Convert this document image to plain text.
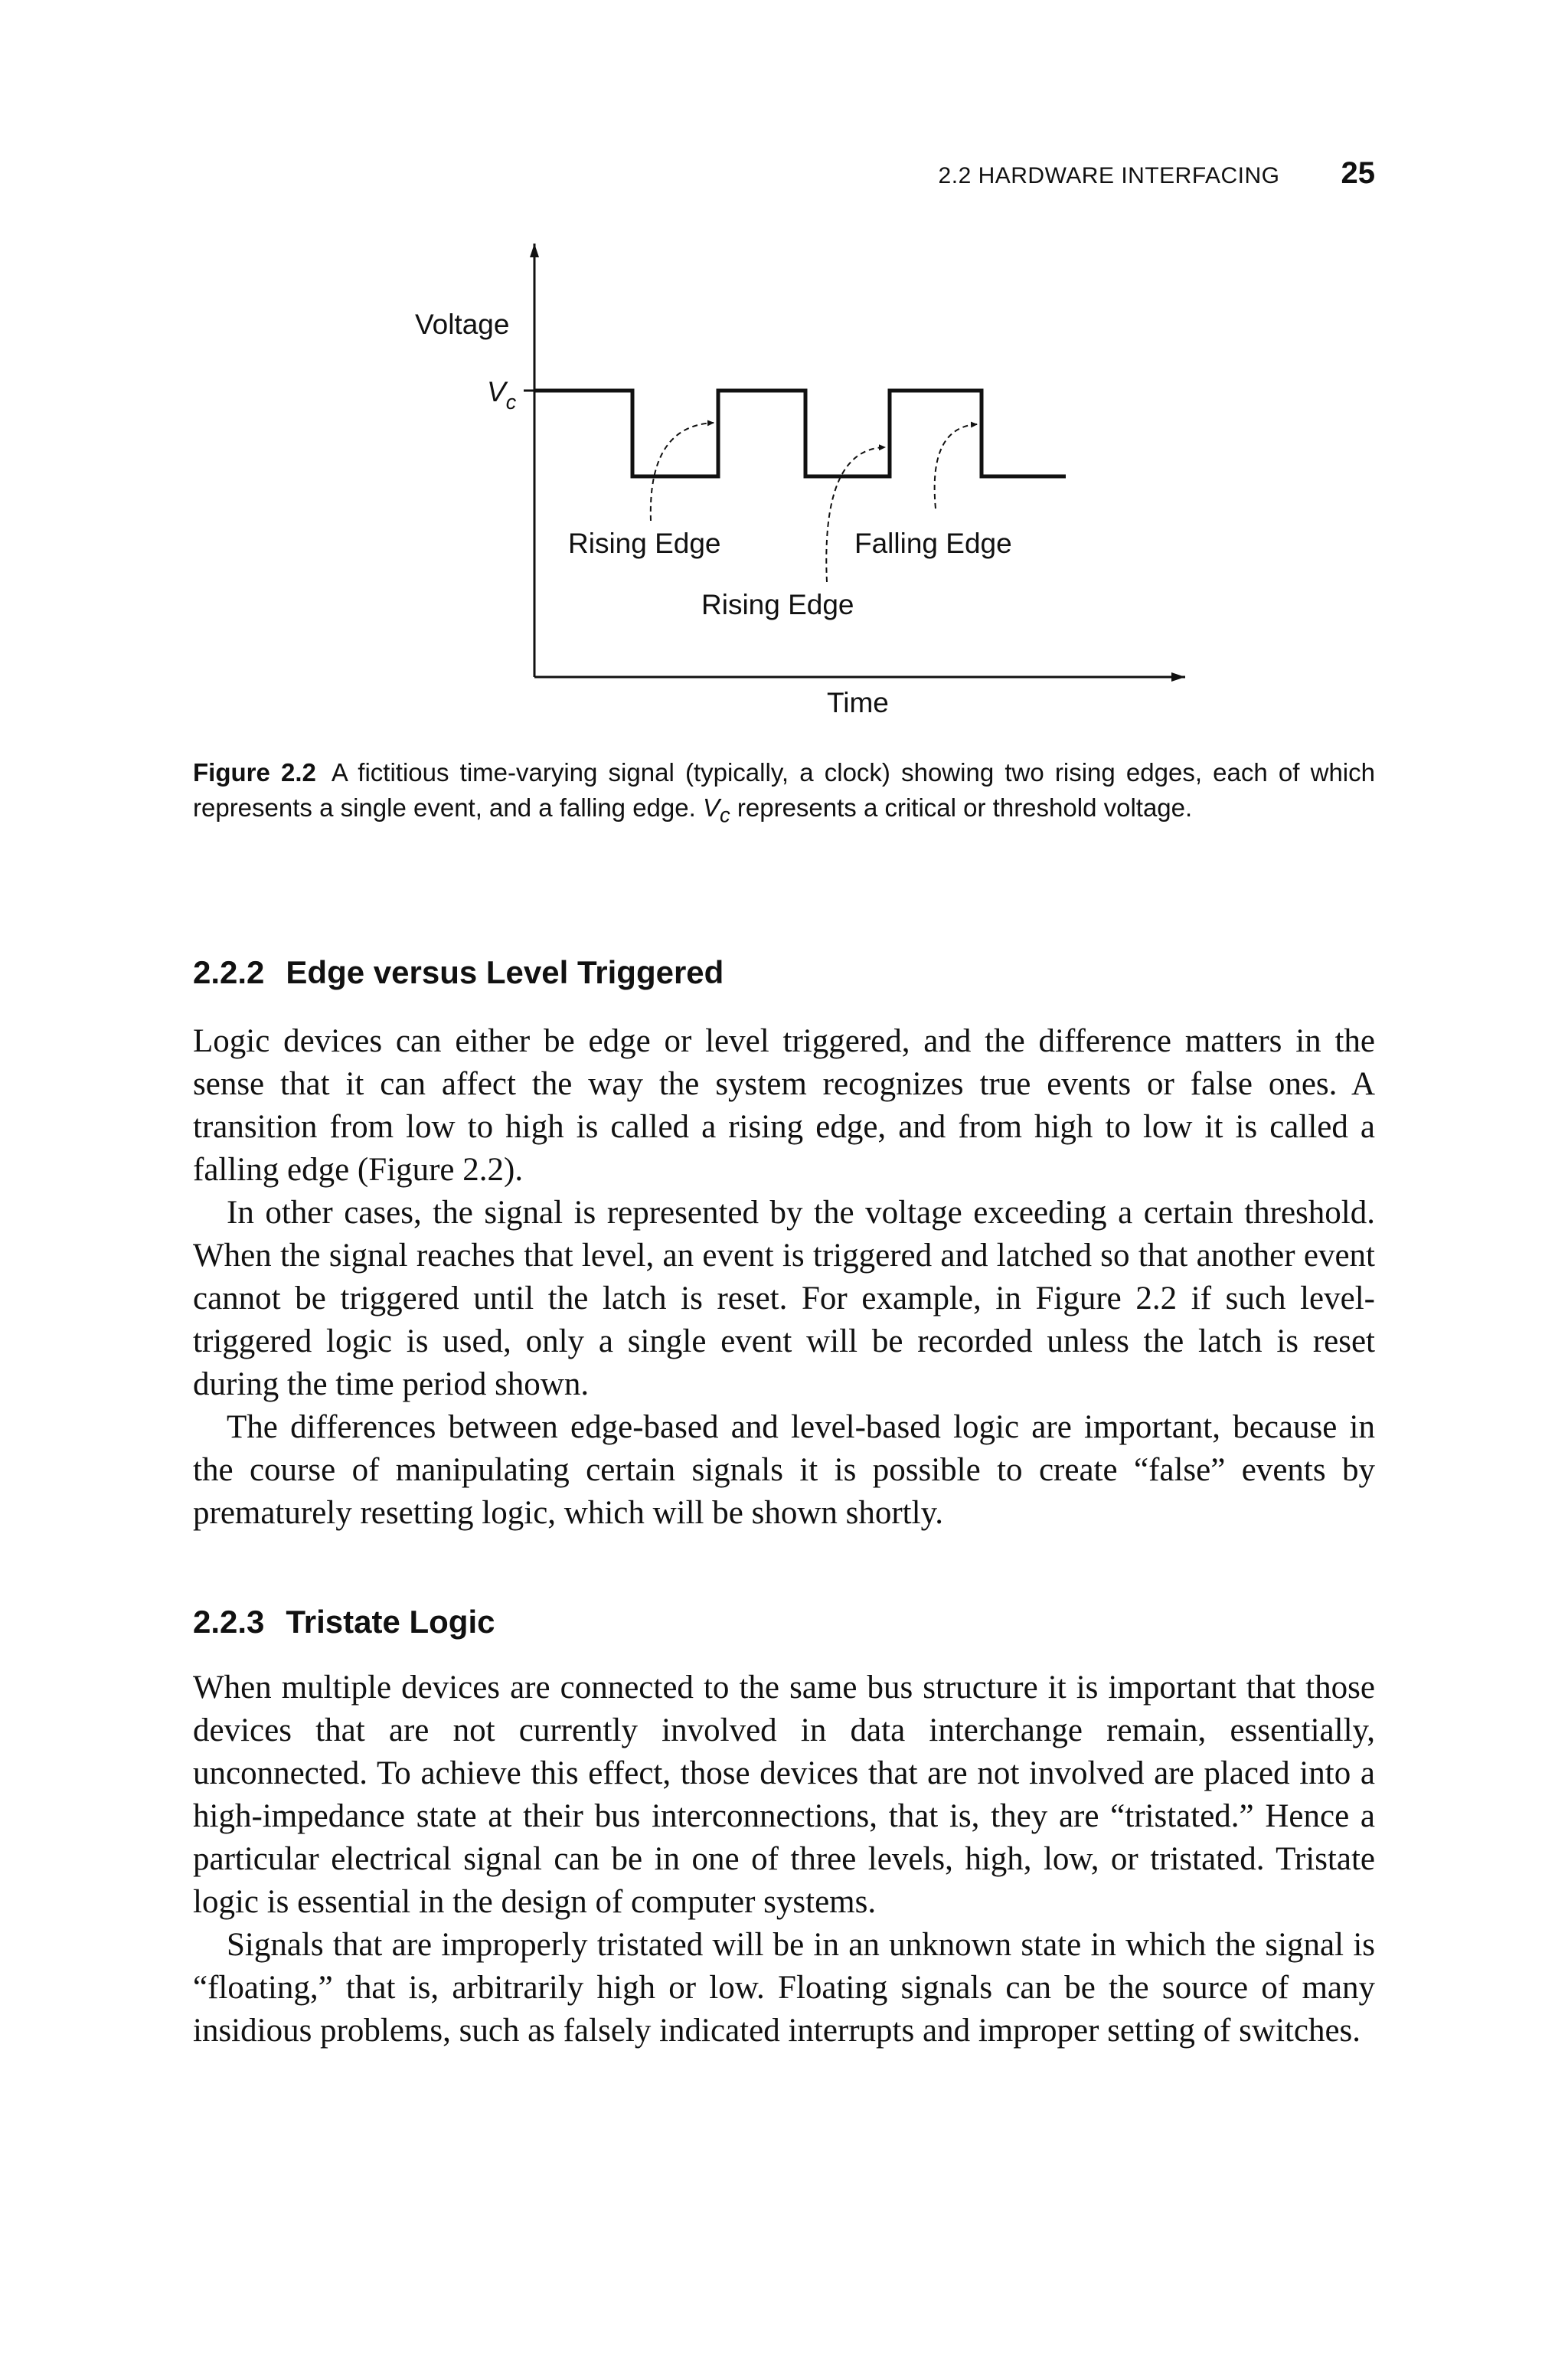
2.2 HARDWARE INTERFACING 25
Voltage
$V_c$
Rising Edge	Falling Edge
Rising Edge
Time
Figure 2.2 A fictitious time-varying signal (typically, a clock) showing two rising edges, each of which represents a single event, and a falling edge. $V_c$ represents a critical or threshold voltage.
2.2.2 Edge versus Level Triggered

Logic devices can either be edge or level triggered, and the difference matters in the sense that it can affect the way the system recognizes true events or false ones. A transition from low to high is called a rising edge, and from high to low it is called a falling edge (Figure 2.2).

In other cases, the signal is represented by the voltage exceeding a certain threshold. When the signal reaches that level, an event is triggered and latched so that another event cannot be triggered until the latch is reset. For example, in Figure 2.2 if such level-triggered logic is used, only a single event will be recorded unless the latch is reset during the time period shown.

The differences between edge-based and level-based logic are important, because in the course of manipulating certain signals it is possible to create “false” events by prematurely resetting logic, which will be shown shortly.

2.2.3 Tristate Logic

When multiple devices are connected to the same bus structure it is important that those devices that are not currently involved in data interchange remain, essentially, unconnected. To achieve this effect, those devices that are not involved are placed into a high-impedance state at their bus interconnections, that is, they are “tristated.” Hence a particular electrical signal can be in one of three levels, high, low, or tristated. Tristate logic is essential in the design of computer systems.

Signals that are improperly tristated will be in an unknown state in which the signal is “floating,” that is, arbitrarily high or low. Floating signals can be the source of many insidious problems, such as falsely indicated interrupts and improper setting of switches.
